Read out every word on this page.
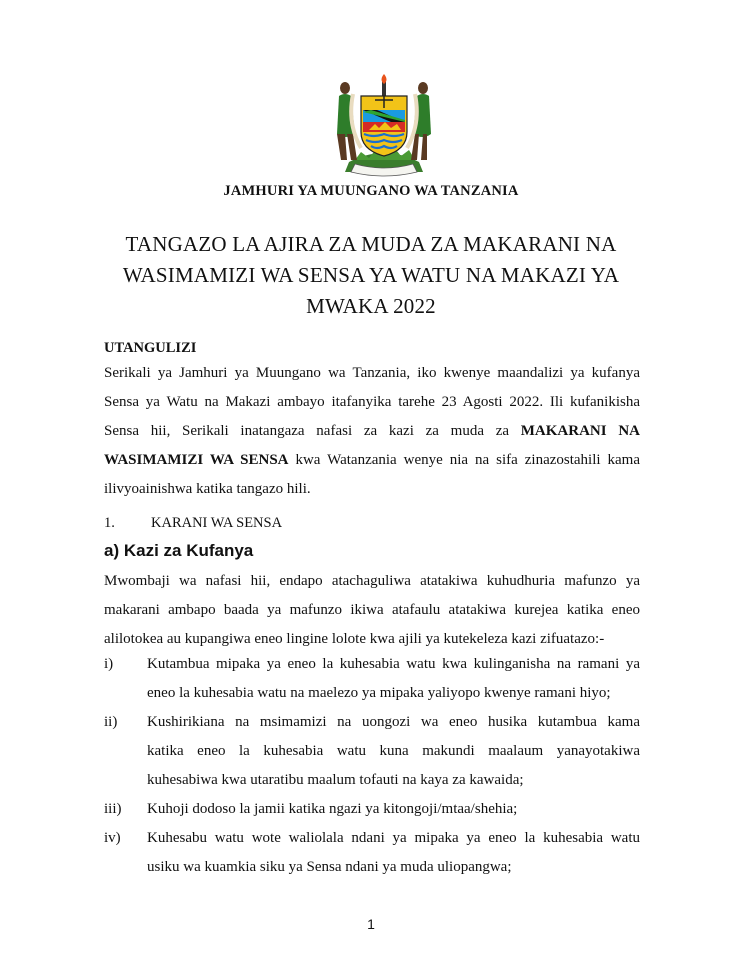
JAMHURI YA MUUNGANO WA TANZANIA
TANGAZO LA AJIRA ZA MUDA ZA MAKARANI NA
WASIMAMIZI WA SENSA YA WATU NA MAKAZI YA
MWAKA 2022
UTANGULIZI
Serikali ya Jamhuri ya Muungano wa Tanzania, iko kwenye maandalizi ya kufanya
Sensa ya Watu na Makazi ambayo itafanyika tarehe 23 Agosti 2022. Ili kufanikisha
Sensa hii, Serikali inatangaza nafasi za kazi za muda za MAKARANI NA
WASIMAMIZI WA SENSA kwa Watanzania wenye nia na sifa zinazostahili kama
ilivyoainishwa katika tangazo hili.
1. KARANI WA SENSA
a) Kazi za Kufanya
Mwombaji wa nafasi hii, endapo atachaguliwa atatakiwa kuhudhuria mafunzo ya
makarani ambapo baada ya mafunzo ikiwa atafaulu atatakiwa kurejea katika eneo
alilotokea au kupangiwa eneo lingine lolote kwa ajili ya kutekeleza kazi zifuatazo:-
i) Kutambua mipaka ya eneo la kuhesabia watu kwa kulinganisha na ramani ya
eneo la kuhesabia watu na maelezo ya mipaka yaliyopo kwenye ramani hiyo;
ii) Kushirikiana na msimamizi na uongozi wa eneo husika kutambua kama
katika eneo la kuhesabia watu kuna makundi maalaum yanayotakiwa
kuhesabiwa kwa utaratibu maalum tofauti na kaya za kawaida;
iii) Kuhoji dodoso la jamii katika ngazi ya kitongoji/mtaa/shehia;
iv) Kuhesabu watu wote waliolala ndani ya mipaka ya eneo la kuhesabia watu
usiku wa kuamkia siku ya Sensa ndani ya muda uliopangwa;
1
